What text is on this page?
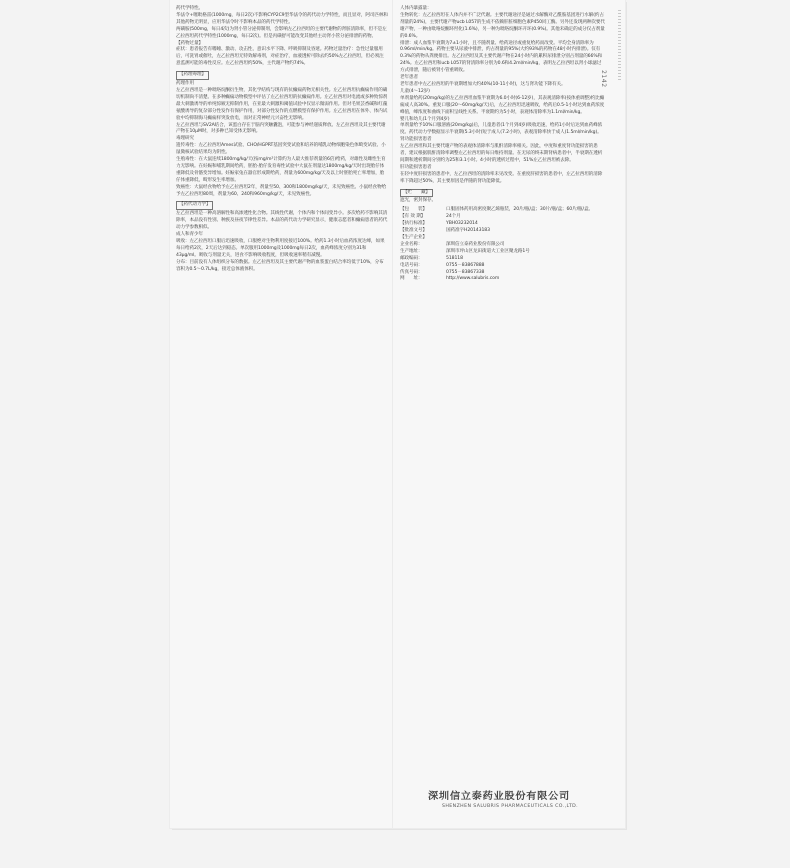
2142
药代学特性。
华法令+噻吡格雷(1000mg，每日2次)不影响CYP2C9型华法令的药代动力学特性，而且显对，阿司匹林和其他药物无明显，应用华法令时不影响本品的药代学特性。
两磺胺(500mg，每日4次)为肾小管分泌抑制剂，会影响左乙拉西坦的主要代谢物的肾脏清除率，但不是左乙拉西坦药代学特性(1000mg，每日2次)。但是丙磺舒可能改变其他经主动肾小管分泌排泄的药物。
【药物过量】
症状：患者报告有嗜睡、激动、攻击性、意识水平下降、呼吸抑制及昏迷。药物过量治疗：急性过量服用后，可洗胃或催吐，左乙拉西坦无特效解毒剂，对症治疗，血液透析可除去约50%左乙拉西坦，但必须注意监测可能的毒性反应。左乙拉西坦约50%，主代谢产物约74%。
【药理毒理】

药理作用
左乙拉西坦是一种吡咯烷酮衍生物，其化学结构与现有的抗癫痫药物无相关性。左乙拉西坦抗癫痫作用的确切机制尚不清楚。在多种癫痫动物模型中评估了左乙拉西坦的抗癫痫作用。左乙拉西坦对电流或多种致惊剂最大刺激诱导的单纯惊厥无抑制作用，在亚最大刺激和阈值试验中仅显示微弱作用。但对毛果芸香碱和红藻氨酸诱导的复杂部分性发作有保护作用，对部分性发作的点燃模型有保护作用。左乙拉西坦在体外、体内试验中均抑制海马癫痫样突发放电，而对正常神经元兴奋性无影响。
左乙拉西坦与SV2A结合，该蛋白存在于脑内突触囊泡，可能参与神经递质释放。左乙拉西坦及其主要代谢产物在10μM时，对多种已知受体无影响。
毒理研究
遗传毒性：左乙拉西坦Ames试验、CHO/HGPRT基因突变试验和培养的哺乳动物细胞染色体畸变试验、小鼠微核试验结果均为阴性。
生殖毒性：在大鼠连续1800mg/kg/天(按mg/m²计算约为人最大推荐剂量的6倍)给药，对雄性及雌性生育力无影响。在妊娠和哺乳期间给药，胚胎-胎仔发育毒性试验中大鼠在剂量达1800mg/kg/天时出现胎仔体重降低及骨骼变异增加。妊娠家兔在器官形成期给药，剂量为600mg/kg/天及以上时胚胎死亡率增加，胎仔体重降低，畸形发生率增加。
致癌性：大鼠经食物给予左乙拉西坦2年，剂量至50、300和1800mg/kg/天，未见致癌性。小鼠经食物给予左乙拉西坦80周，剂量为60、240和960mg/kg/天，未见致癌性。
【药代动力学】

左乙拉西坦是一种高溶解性和高渗透性化合物。其线性代谢，个体内和个体间变异小。多次给药不影响其清除率，本品没有性别、种族及昼夜节律性差异。本品的药代动力学研究显示，健康志愿者和癫痫患者的药代动力学参数相似。
成人和青少年
吸收：左乙拉西坦口服后迅速吸收，口服绝对生物利用度接近100%。给药1.3小时后血药浓度达峰，如果每日给药2次，2天后达到稳态。单次服用1000mg及1000mg每日2次，血药峰浓度分别为31和43μg/ml。吸收与剂量无关，进食不影响吸收程度，但吸收速率稍有减慢。
分布：目前没有人体组织分布的数据。左乙拉西坦及其主要代谢产物的血浆蛋白结合率均低于10%，分布容积为0.5～0.7L/kg，接近总体液体积。
人体内暴露量：
生物转化：左乙拉西坦在人体内并不广泛代谢。主要代谢途径是通过水解酶对乙酰胺基团进行水解(约占剂量的24%)，主要代谢产物ucb L057的生成不依赖肝脏细胞色素P450同工酶。另外还发现两种次要代谢产物，一种由吡咯烷酮环羟化(1.6%)，另一种为吡咯烷酮环开环(0.9%)。其他未确定的成分仅占剂量的0.6%。
排泄：成人血浆半衰期为7±1小时，且不随剂量、给药途径或重复给药而改变。平均全身清除率为0.96ml/min/kg。药物主要从尿液中排泄，约占剂量的95%(大约93%的药物在48小时内排泄)。仅有0.3%的药物从粪便排出。左乙拉西坦及其主要代谢产物在24小时内的累积尿排泄分别占剂量的66%和24%。左乙拉西坦和ucb L057的肾清除率分别为0.6和4.2ml/min/kg，表明左乙拉西坦以肾小球滤过方式排泄，随后被肾小管重吸收。
老年患者
老年患者中左乙拉西坦的半衰期增加大约40%(10-11小时)，这与肾功能下降有关。
儿童(4～12岁)
单剂量给药(20mg/kg)的左乙拉西坦血浆半衰期为6.0小时(6-12岁)，其表观清除率(按体重调整)约比癫痫成人高30%。重复口服(20～60mg/kg/天)后，左乙拉西坦迅速吸收，给药后0.5-1小时达到血药浓度峰值，峰浓度和曲线下面积呈线性关系。半衰期约为5小时，表观体清除率为1.1ml/min/kg。
婴儿和幼儿(1个月到4岁)
单剂量给予10%口服溶液(20mg/kg)后，儿童患者(1个月到4岁)吸收迅速，给药1小时后达到血药峰浓度。药代动力学数据显示半衰期(5.3小时)短于成人(7.2小时)，表观清除率快于成人(1.5ml/min/kg)。
肾功能损害患者
左乙拉西坦和其主要代谢产物的表观体清除率与肌酐清除率相关。因此，中度和重度肾功能损害的患者，建议根据肌酐清除率调整左乙拉西坦的每日维持剂量。在无尿的终末期肾病患者中，半衰期在透析间期和透析期间分别约为25和3.1小时。4小时的透析过程中，51%左乙拉西坦被去除。
肝功能损害患者
在轻中度肝损害的患者中，左乙拉西坦的清除率未见改变。在重度肝损害的患者中，左乙拉西坦的清除率下降超过50%，其主要原因是伴随的肾功能降低。
【贮　　藏】

遮光，密封保存。
【包　　装】	口服固体药用高密度聚乙烯瓶装，20片/瓶/盒；30片/瓶/盒；60片/瓶/盒。
【有 效 期】	24个月
【执行标准】	YBH03232014
【批准文号】	国药准字H20143183
【生产企业】
企业名称：	深圳信立泰药业股份有限公司
生产地址：	深圳市坪山区龙田街道大工业区聚龙路1号
邮政编码：	518118
电话号码：	0755－83867888
传真号码：	0755－83867338
网　　址：	http://www.salubris.com
深圳信立泰药业股份有限公司
SHENZHEN SALUBRIS PHARMACEUTICALS CO.,LTD.
